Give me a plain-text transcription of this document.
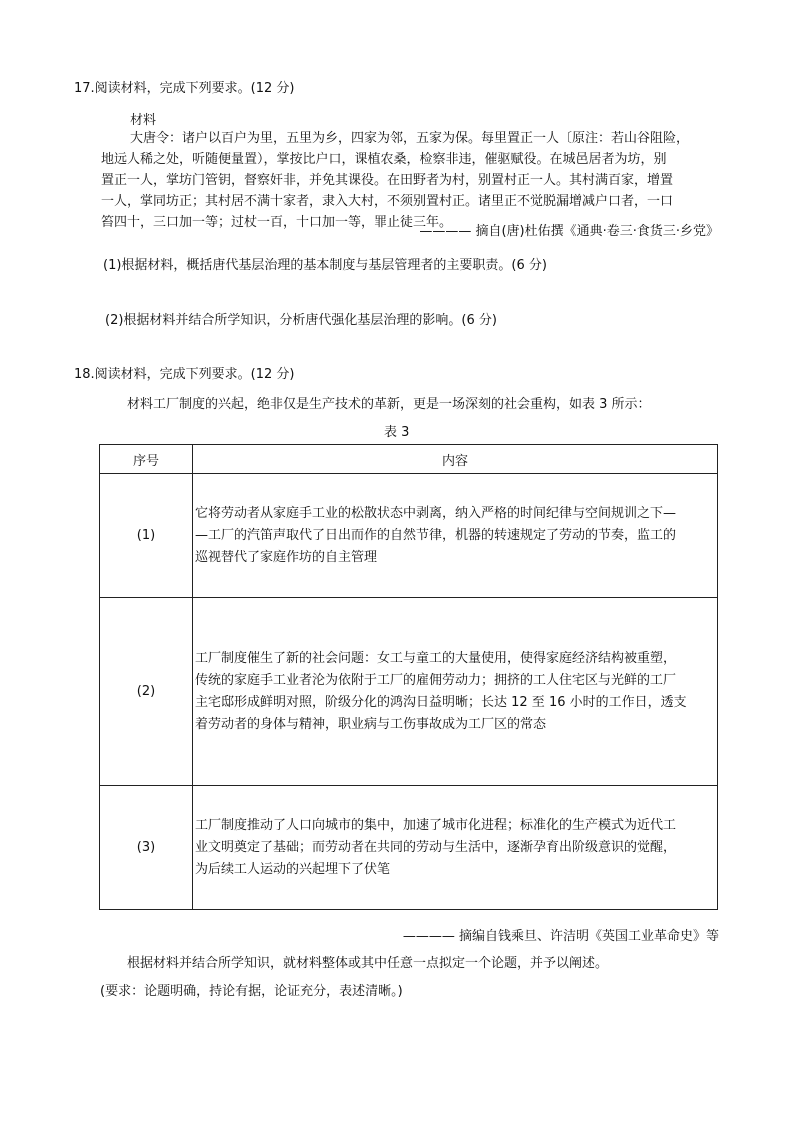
17.阅读材料，完成下列要求。(12 分)
材料
大唐令：诸户以百户为里，五里为乡，四家为邻，五家为保。每里置正一人〔原注：若山谷阻险，
地远人稀之处，听随便量置），掌按比户口，课植农桑，检察非违，催驱赋役。在城邑居者为坊，别
置正一人，掌坊门管钥，督察奸非，并免其课役。在田野者为村，别置村正一人。其村满百家，增置
一人，掌同坊正；其村居不满十家者，隶入大村，不须别置村正。诸里正不觉脱漏增减户口者，一口
笞四十，三口加一等；过杖一百，十口加一等，罪止徒三年。
———— 摘自(唐)杜佑撰《通典·卷三·食货三·乡党》
(1)根据材料，概括唐代基层治理的基本制度与基层管理者的主要职责。(6 分)
(2)根据材料并结合所学知识，分析唐代强化基层治理的影响。(6 分)
18.阅读材料，完成下列要求。(12 分)
材料工厂制度的兴起，绝非仅是生产技术的革新，更是一场深刻的社会重构，如表 3 所示：
表 3
序号	内容
(1)	它将劳动者从家庭手工业的松散状态中剥离，纳入严格的时间纪律与空间规训之下—
—工厂的汽笛声取代了日出而作的自然节律，机器的转速规定了劳动的节奏，监工的
巡视替代了家庭作坊的自主管理

(2)	工厂制度催生了新的社会问题：女工与童工的大量使用，使得家庭经济结构被重塑，
传统的家庭手工业者沦为依附于工厂的雇佣劳动力；拥挤的工人住宅区与光鲜的工厂
主宅邸形成鲜明对照，阶级分化的鸿沟日益明晰；长达 12 至 16 小时的工作日，透支
着劳动者的身体与精神，职业病与工伤事故成为工厂区的常态

(3)	工厂制度推动了人口向城市的集中，加速了城市化进程；标准化的生产模式为近代工
业文明奠定了基础；而劳动者在共同的劳动与生活中，逐渐孕育出阶级意识的觉醒，
为后续工人运动的兴起埋下了伏笔
———— 摘编自钱乘旦、许洁明《英国工业革命史》等
根据材料并结合所学知识，就材料整体或其中任意一点拟定一个论题，并予以阐述。
(要求：论题明确，持论有据，论证充分，表述清晰。)
